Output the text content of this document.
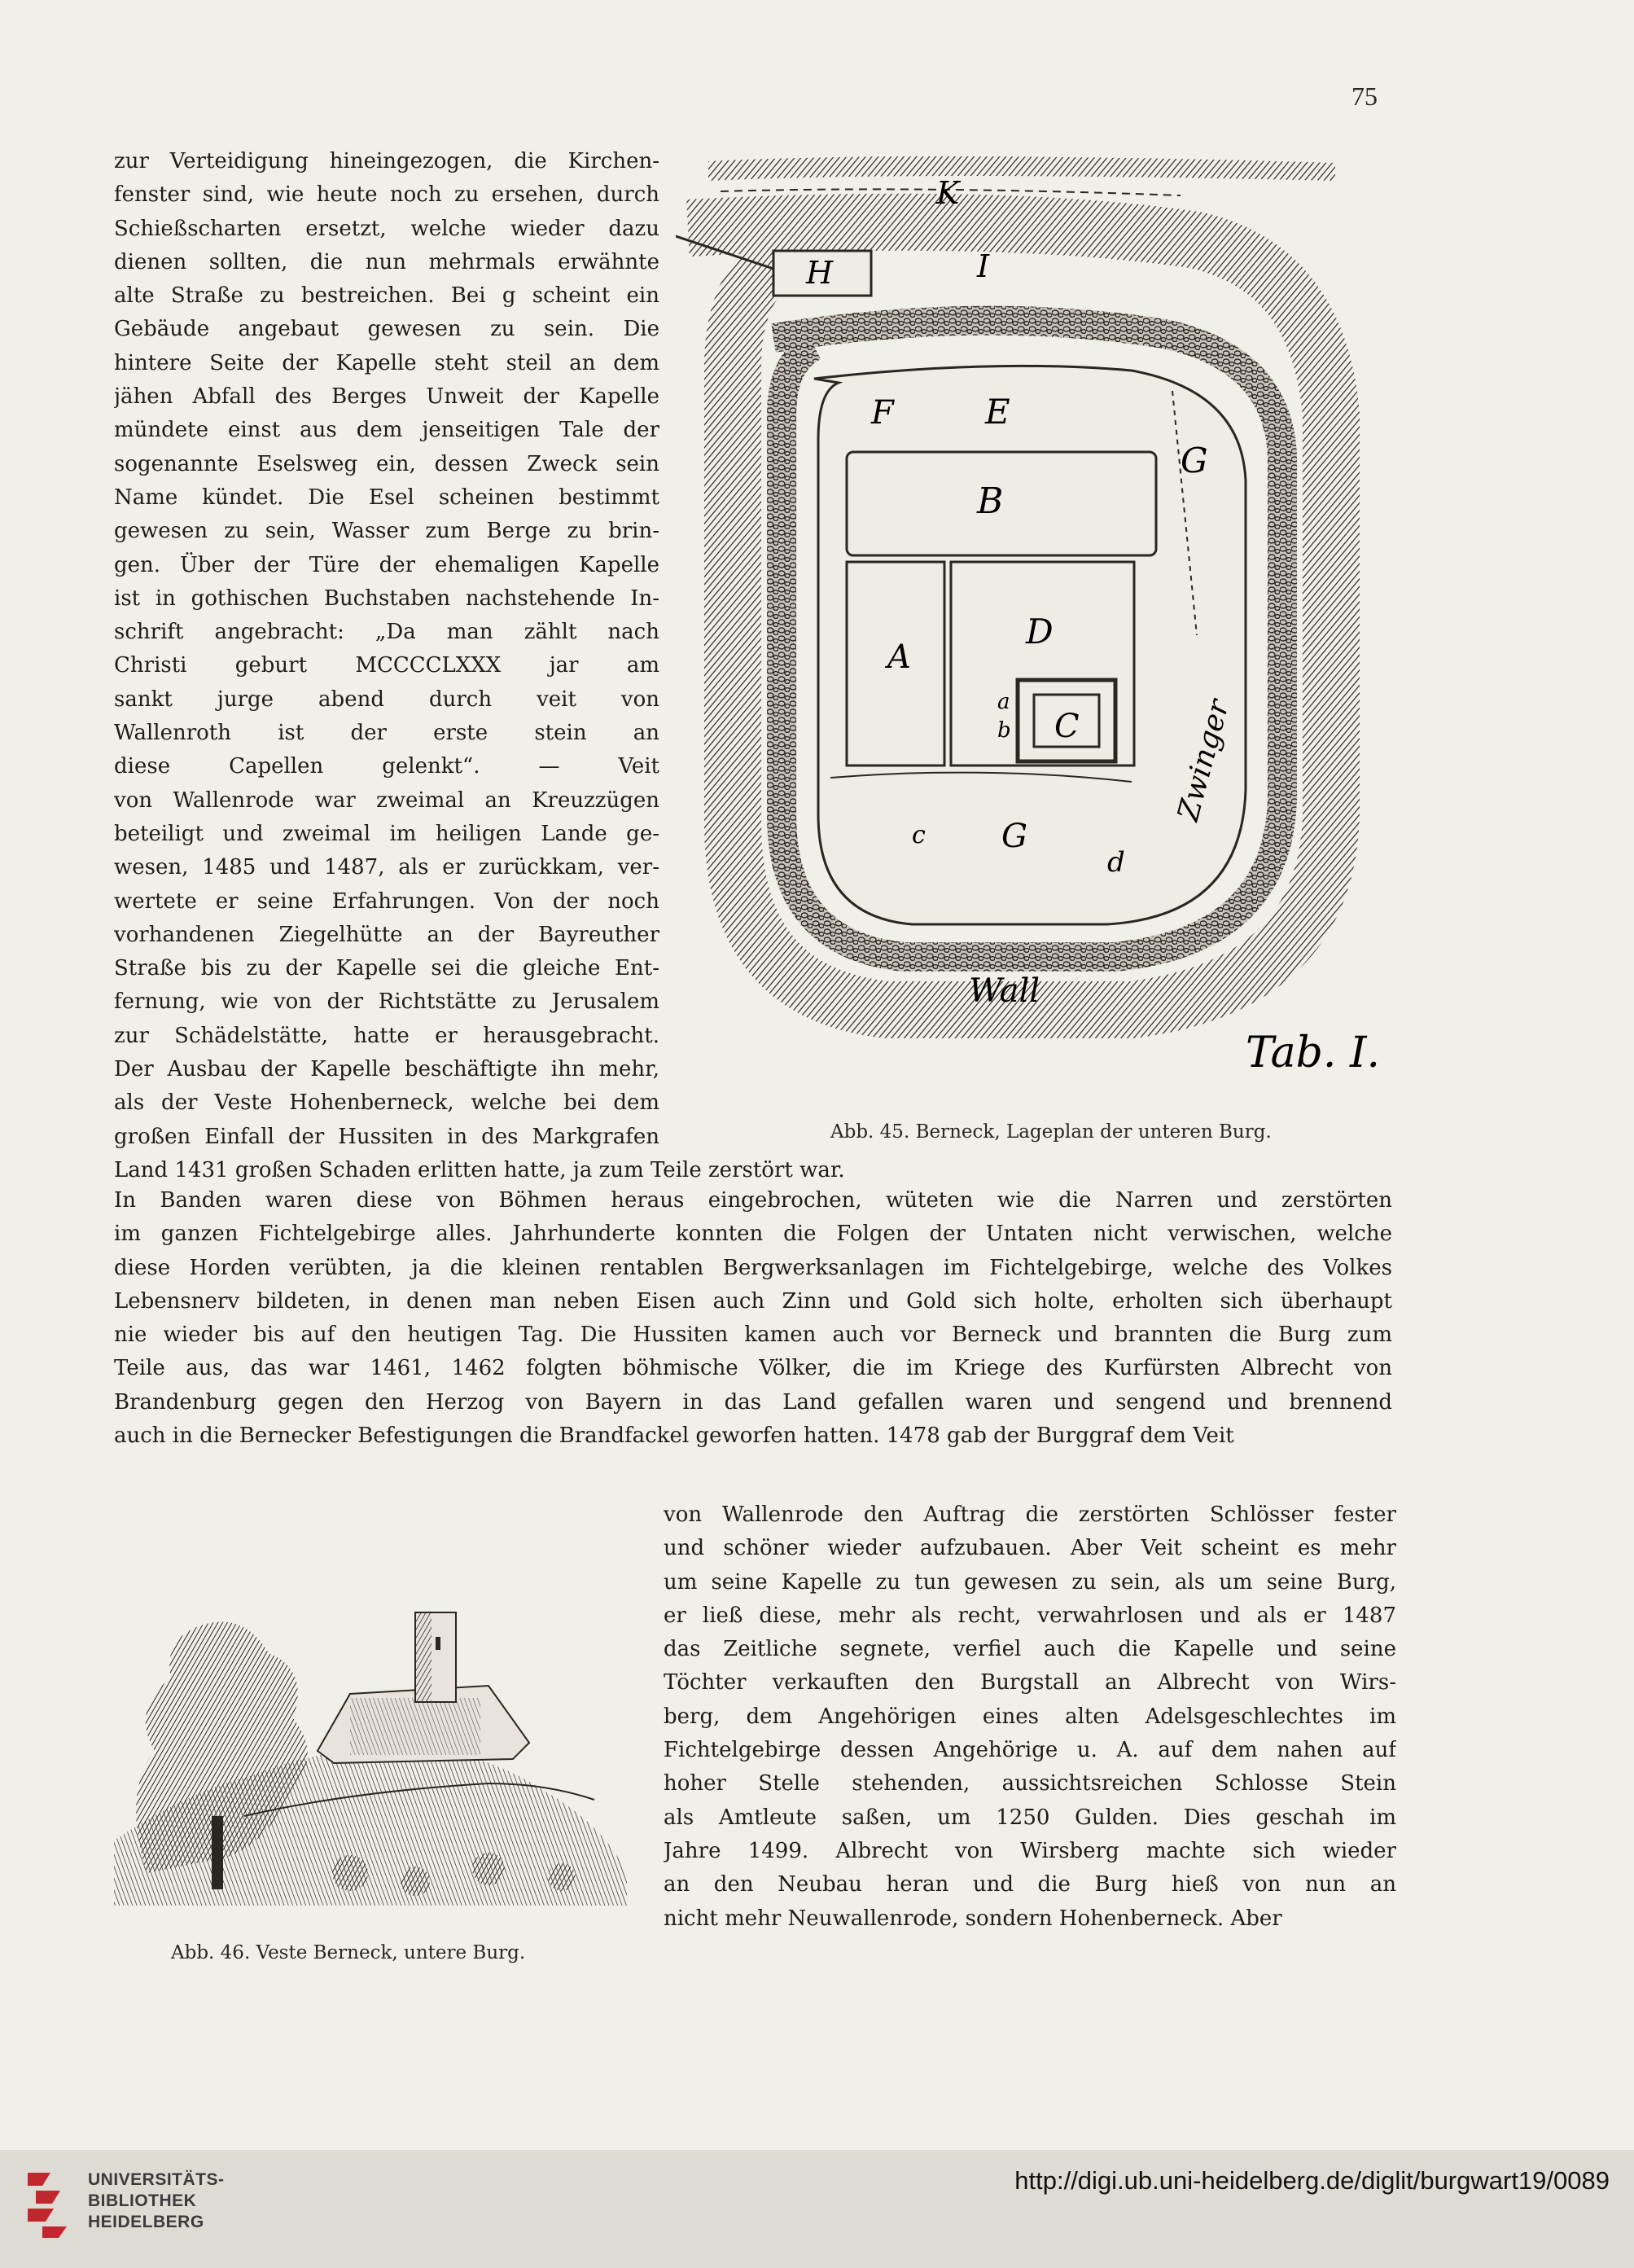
75
zur Verteidigung hineingezogen, die Kirchen-
fenster sind, wie heute noch zu ersehen, durch
Schießscharten ersetzt, welche wieder dazu
dienen sollten, die nun mehrmals erwähnte
alte Straße zu bestreichen. Bei g scheint ein
Gebäude angebaut gewesen zu sein. Die
hintere Seite der Kapelle steht steil an dem
jähen Abfall des Berges Unweit der Kapelle
mündete einst aus dem jenseitigen Tale der
sogenannte Eselsweg ein, dessen Zweck sein
Name kündet. Die Esel scheinen bestimmt
gewesen zu sein, Wasser zum Berge zu brin-
gen. Über der Türe der ehemaligen Kapelle
ist in gothischen Buchstaben nachstehende In-
schrift angebracht: „Da man zählt nach
Christi geburt MCCCCLXXX jar am
sankt jurge abend durch veit von
Wallenroth ist der erste stein an
diese Capellen gelenkt“. — Veit
von Wallenrode war zweimal an Kreuzzügen
beteiligt und zweimal im heiligen Lande ge-
wesen, 1485 und 1487, als er zurückkam, ver-
wertete er seine Erfahrungen. Von der noch
vorhandenen Ziegelhütte an der Bayreuther
Straße bis zu der Kapelle sei die gleiche Ent-
fernung, wie von der Richtstätte zu Jerusalem
zur Schädelstätte, hatte er herausgebracht.
Der Ausbau der Kapelle beschäftigte ihn mehr,
als der Veste Hohenberneck, welche bei dem
großen Einfall der Hussiten in des Markgrafen
Land 1431 großen Schaden erlitten hatte, ja zum Teile zerstört war.
K
H	I
F	E
G
B
A
D
C
a
b
c G
d
Zwinger
Wall
Tab. I.
Abb. 45. Berneck, Lageplan der unteren Burg.
In Banden waren diese von Böhmen heraus eingebrochen, wüteten wie die Narren und zerstörten
im ganzen Fichtelgebirge alles. Jahrhunderte konnten die Folgen der Untaten nicht verwischen, welche
diese Horden verübten, ja die kleinen rentablen Bergwerksanlagen im Fichtelgebirge, welche des Volkes
Lebensnerv bildeten, in denen man neben Eisen auch Zinn und Gold sich holte, erholten sich überhaupt
nie wieder bis auf den heutigen Tag. Die Hussiten kamen auch vor Berneck und brannten die Burg zum
Teile aus, das war 1461, 1462 folgten böhmische Völker, die im Kriege des Kurfürsten Albrecht von
Brandenburg gegen den Herzog von Bayern in das Land gefallen waren und sengend und brennend
auch in die Bernecker Befestigungen die Brandfackel geworfen hatten. 1478 gab der Burggraf dem Veit
Abb. 46. Veste Berneck, untere Burg.
von Wallenrode den Auftrag die zerstörten Schlösser fester
und schöner wieder aufzubauen. Aber Veit scheint es mehr
um seine Kapelle zu tun gewesen zu sein, als um seine Burg,
er ließ diese, mehr als recht, verwahrlosen und als er 1487
das Zeitliche segnete, verfiel auch die Kapelle und seine
Töchter verkauften den Burgstall an Albrecht von Wirs-
berg, dem Angehörigen eines alten Adelsgeschlechtes im
Fichtelgebirge dessen Angehörige u. A. auf dem nahen auf
hoher Stelle stehenden, aussichtsreichen Schlosse Stein
als Amtleute saßen, um 1250 Gulden. Dies geschah im
Jahre 1499. Albrecht von Wirsberg machte sich wieder
an den Neubau heran und die Burg hieß von nun an
nicht mehr Neuwallenrode, sondern Hohenberneck. Aber
UNIVERSITÄTS-
BIBLIOTHEK
HEIDELBERG
http://digi.ub.uni-heidelberg.de/diglit/burgwart19/0089
